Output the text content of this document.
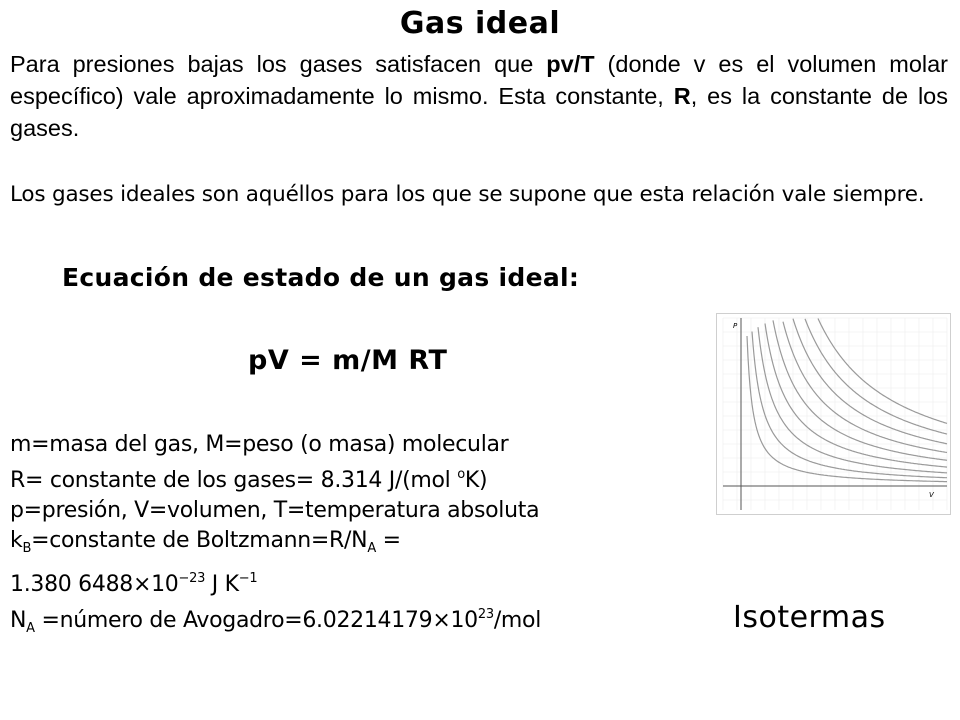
Gas ideal
Para presiones bajas los gases satisfacen que pv/T (donde v es el volumen molar específico) vale aproximadamente lo mismo. Esta constante, R, es la constante de los gases.
Los gases ideales son aquéllos para los que se supone que esta relación vale siempre.
Ecuación de estado de un gas ideal:
pV = m/M RT
m=masa del gas, M=peso (o masa) molecular
R= constante de los gases= 8.314 J/(mol $^o$K)
p=presión, V=volumen, T=temperatura absoluta
$k_B=constante$ de $Boltzmann=R/N_A$ =
1.380 $6488\times 10^{-23}$ J $K^{-1}$
$N_A$ =número de $Avogadro=6.02214179\times 10^{23}$/mol
P
V
Isotermas
